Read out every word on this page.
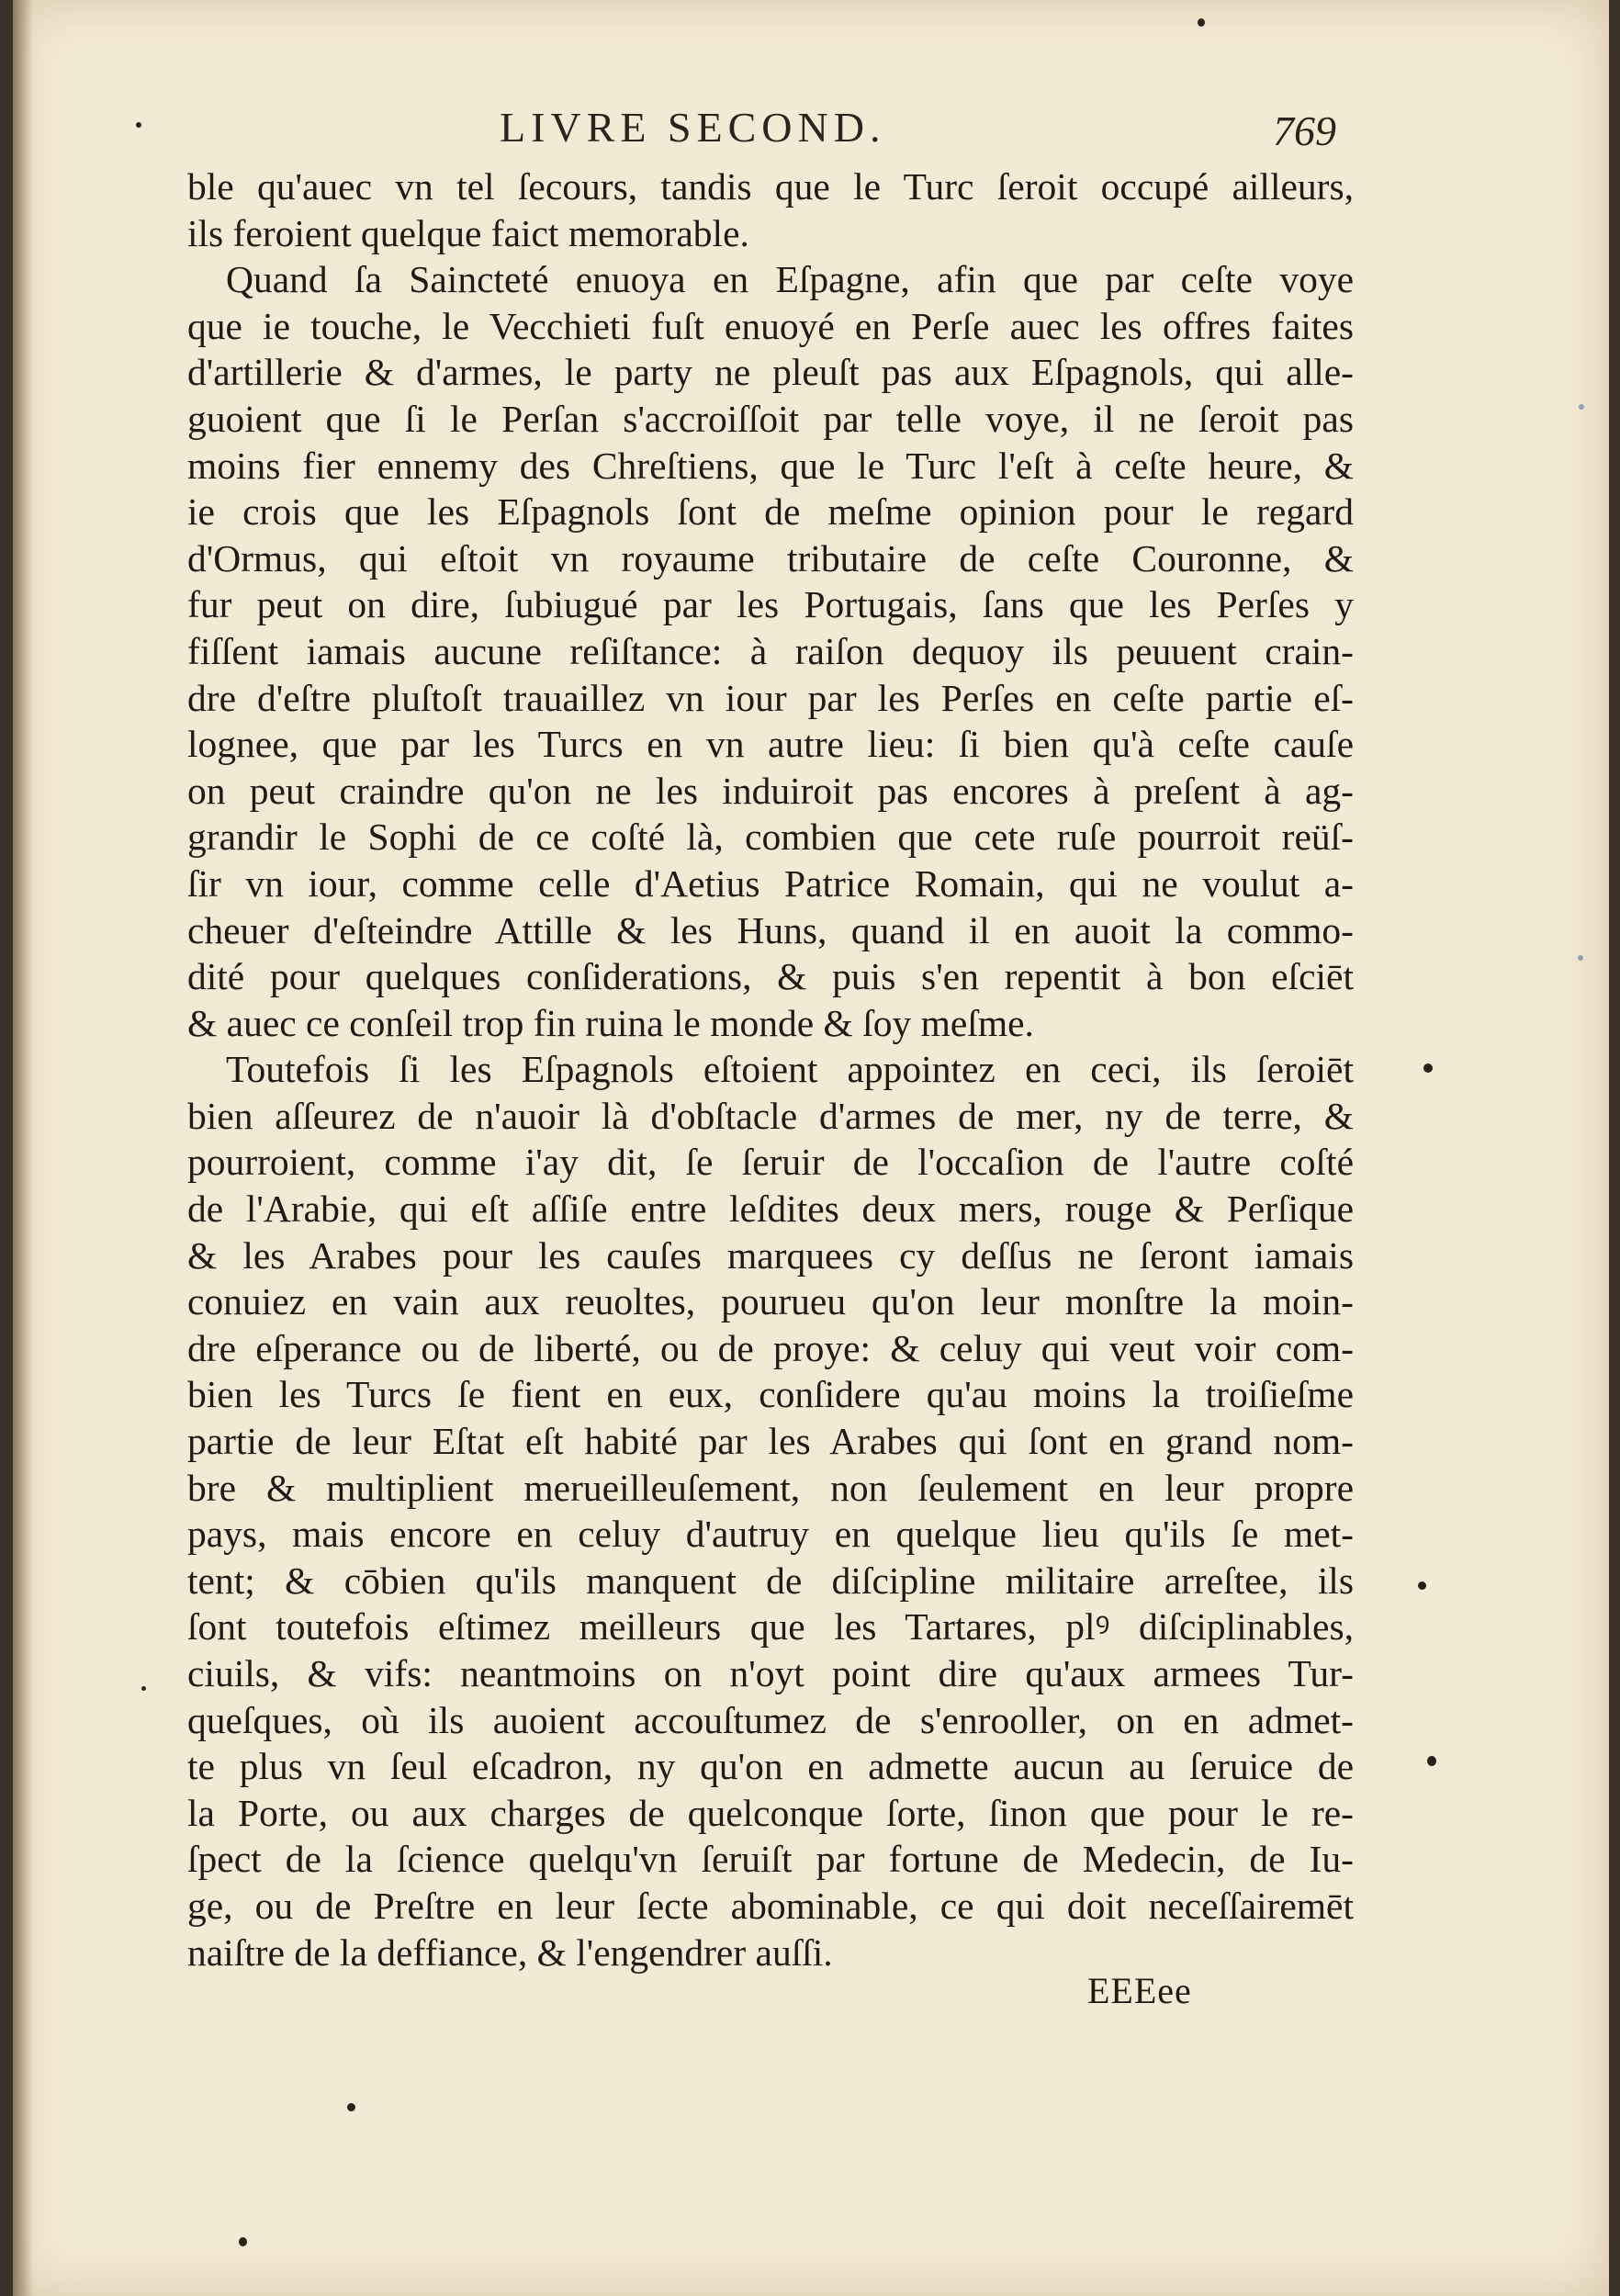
LIVRE SECOND.	769
ble qu'auec vn tel ſecours, tandis que le Turc ſeroit occupé ailleurs,
ils feroient quelque faict memorable.
Quand ſa Saincteté enuoya en Eſpagne, afin que par ceſte voye
que ie touche, le Vecchieti fuſt enuoyé en Perſe auec les offres faites
d'artillerie & d'armes, le party ne pleuſt pas aux Eſpagnols, qui alle-
guoient que ſi le Perſan s'accroiſſoit par telle voye, il ne ſeroit pas
moins fier ennemy des Chreſtiens, que le Turc l'eſt à ceſte heure, &
ie crois que les Eſpagnols ſont de meſme opinion pour le regard
d'Ormus, qui eſtoit vn royaume tributaire de ceſte Couronne, &
fur peut on dire, ſubiugué par les Portugais, ſans que les Perſes y
fiſſent iamais aucune reſiſtance: à raiſon dequoy ils peuuent crain-
dre d'eſtre pluſtoſt trauaillez vn iour par les Perſes en ceſte partie eſ-
lognee, que par les Turcs en vn autre lieu: ſi bien qu'à ceſte cauſe
on peut craindre qu'on ne les induiroit pas encores à preſent à ag-
grandir le Sophi de ce coſté là, combien que cete ruſe pourroit reüſ-
ſir vn iour, comme celle d'Aetius Patrice Romain, qui ne voulut a-
cheuer d'eſteindre Attille & les Huns, quand il en auoit la commo-
dité pour quelques conſiderations, & puis s'en repentit à bon eſciēt
& auec ce conſeil trop fin ruina le monde & ſoy meſme.
Toutefois ſi les Eſpagnols eſtoient appointez en ceci, ils ſeroiēt
bien aſſeurez de n'auoir là d'obſtacle d'armes de mer, ny de terre, &
pourroient, comme i'ay dit, ſe ſeruir de l'occaſion de l'autre coſté
de l'Arabie, qui eſt aſſiſe entre leſdites deux mers, rouge & Perſique
& les Arabes pour les cauſes marquees cy deſſus ne ſeront iamais
conuiez en vain aux reuoltes, pourueu qu'on leur monſtre la moin-
dre eſperance ou de liberté, ou de proye: & celuy qui veut voir com-
bien les Turcs ſe fient en eux, conſidere qu'au moins la troiſieſme
partie de leur Eſtat eſt habité par les Arabes qui ſont en grand nom-
bre & multiplient merueilleuſement, non ſeulement en leur propre
pays, mais encore en celuy d'autruy en quelque lieu qu'ils ſe met-
tent; & cōbien qu'ils manquent de diſcipline militaire arreſtee, ils
ſont toutefois eſtimez meilleurs que les Tartares, plꝰ diſciplinables,
ciuils, & vifs: neantmoins on n'oyt point dire qu'aux armees Tur-
queſques, où ils auoient accouſtumez de s'enrooller, on en admet-
te plus vn ſeul eſcadron, ny qu'on en admette aucun au ſeruice de
la Porte, ou aux charges de quelconque ſorte, ſinon que pour le re-
ſpect de la ſcience quelqu'vn ſeruiſt par fortune de Medecin, de Iu-
ge, ou de Preſtre en leur ſecte abominable, ce qui doit neceſſairemēt
naiſtre de la deffiance, & l'engendrer auſſi.
EEEee
